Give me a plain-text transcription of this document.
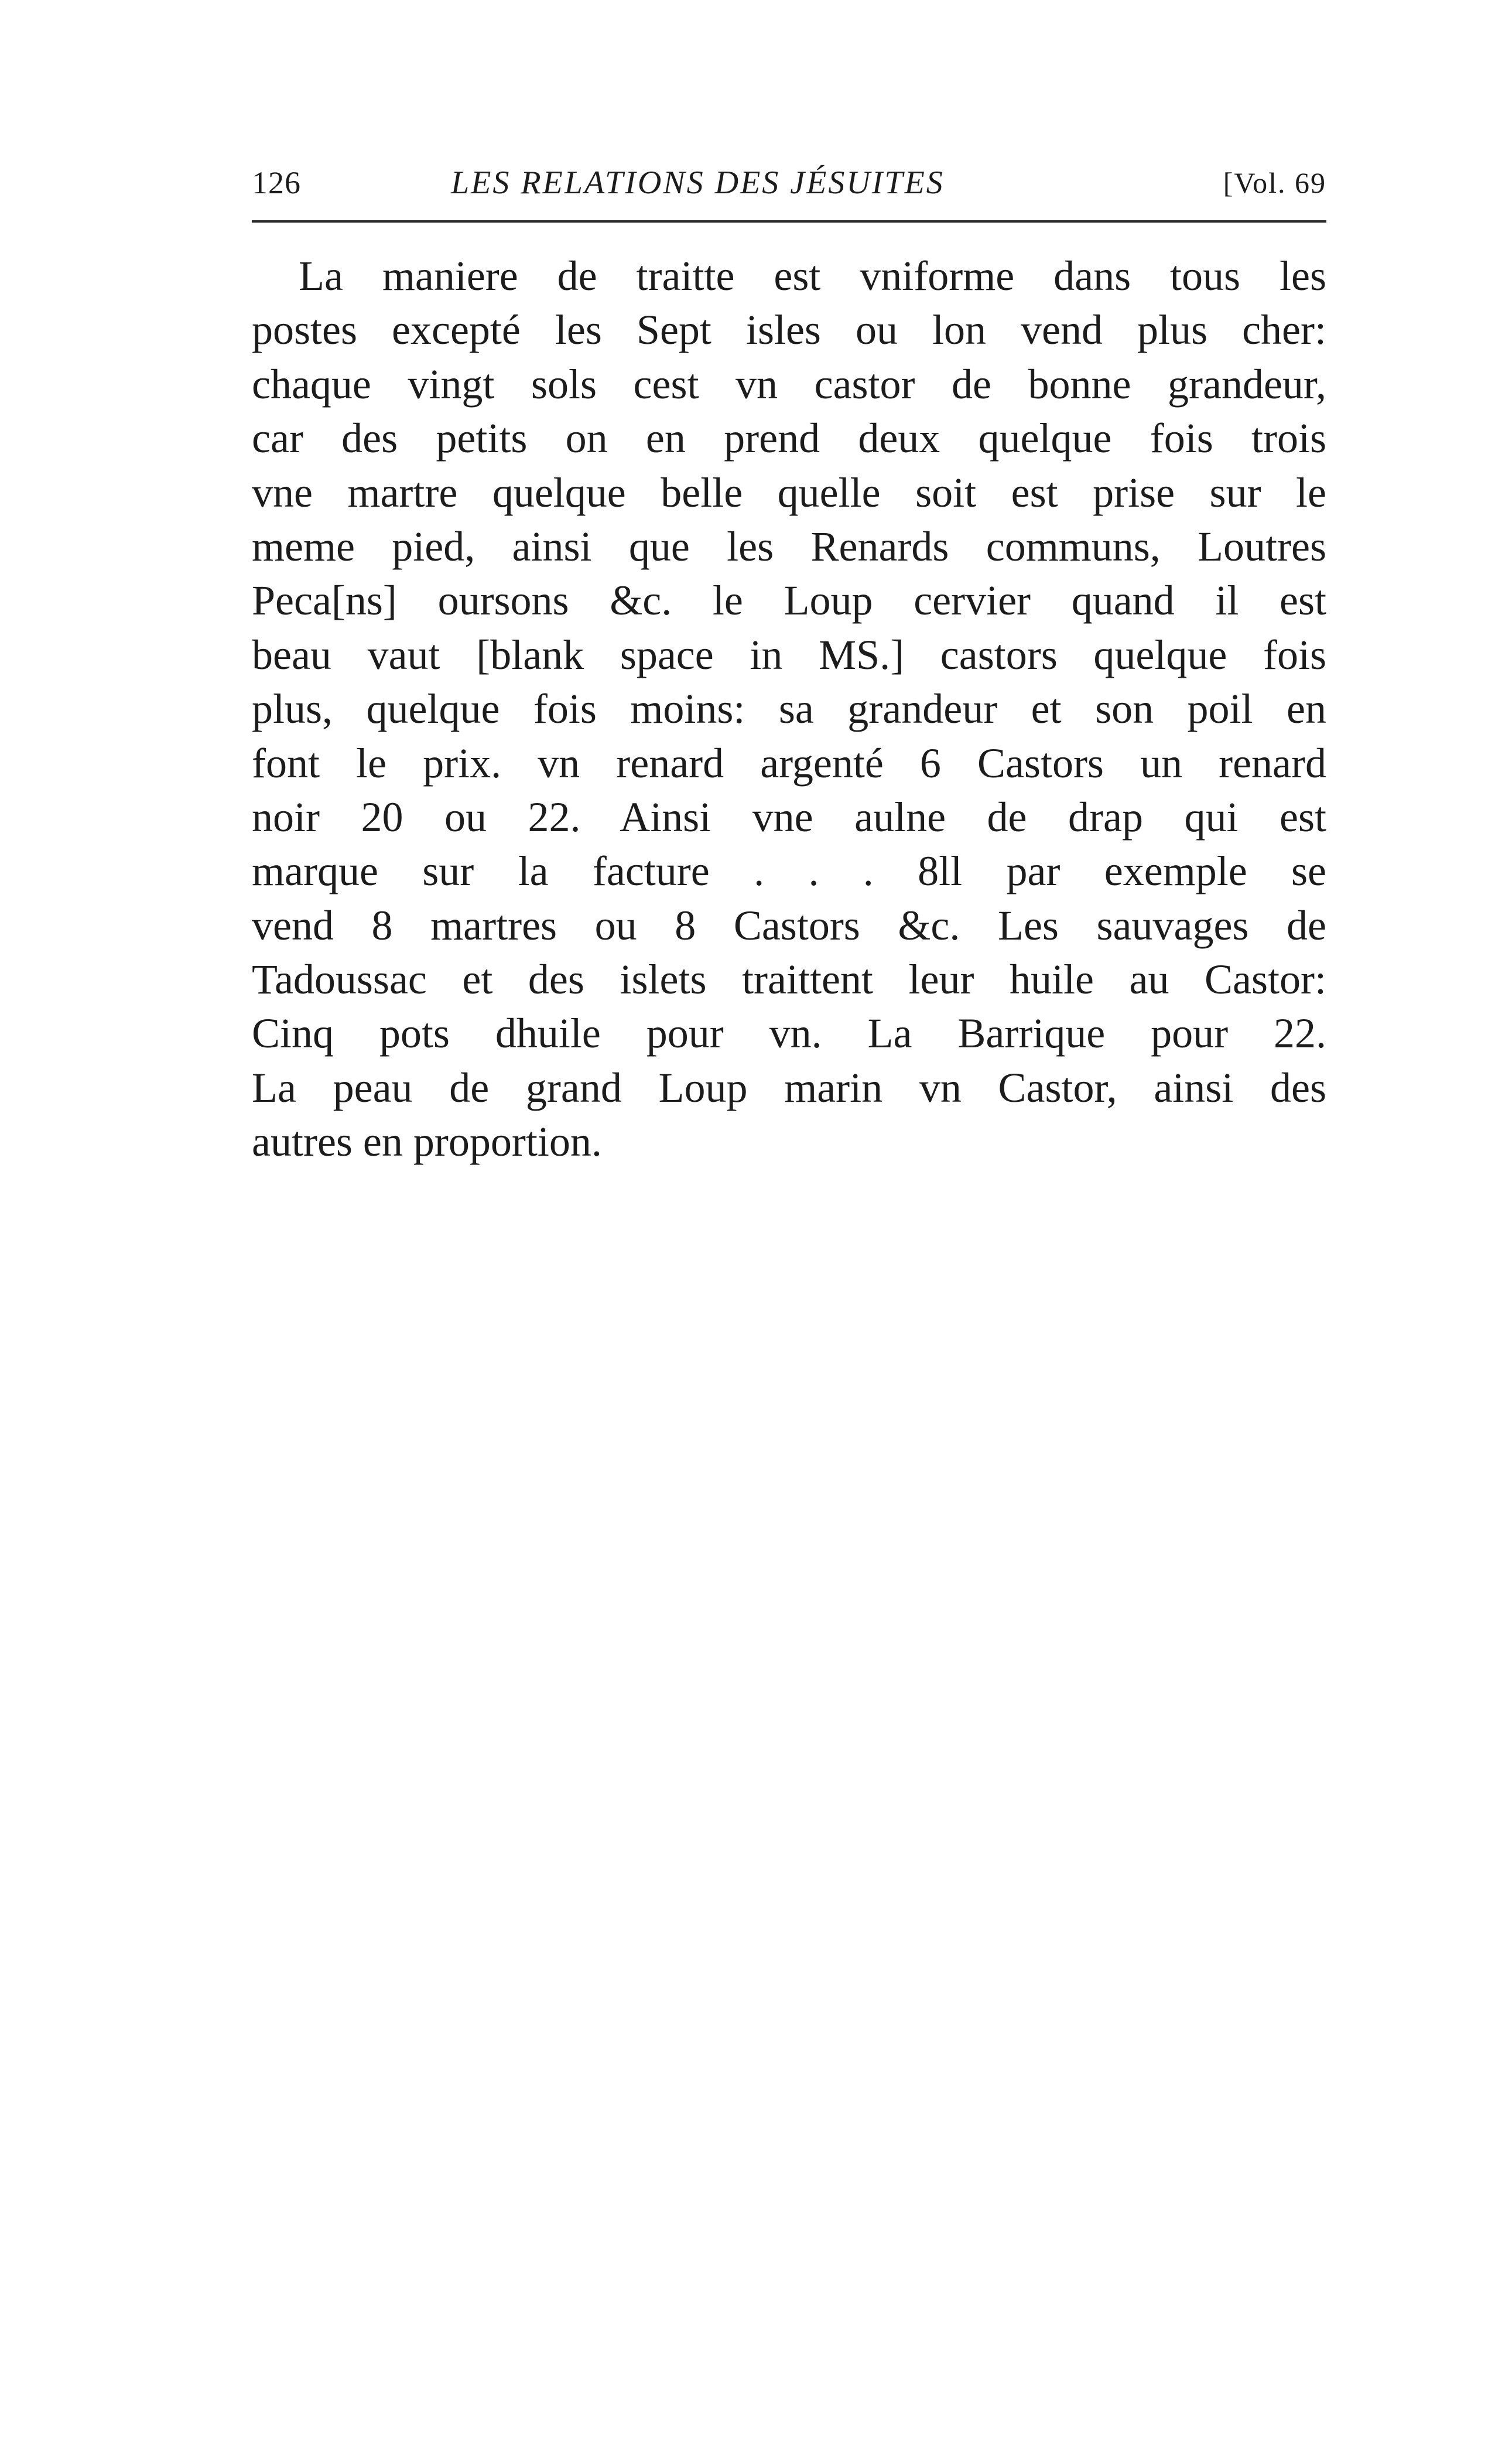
126	LES RELATIONS DES JÉSUITES	[Vol. 69
La maniere de traitte est vniforme dans tous les
postes excepté les Sept isles ou lon vend plus cher:
chaque vingt sols cest vn castor de bonne grandeur,
car des petits on en prend deux quelque fois trois
vne martre quelque belle quelle soit est prise sur le
meme pied, ainsi que les Renards communs, Loutres
Peca[ns] oursons &c. le Loup cervier quand il est
beau vaut [blank space in MS.] castors quelque fois
plus, quelque fois moins: sa grandeur et son poil en
font le prix. vn renard argenté 6 Castors un renard
noir 20 ou 22. Ainsi vne aulne de drap qui est
marque sur la facture . . . 8ll par exemple se
vend 8 martres ou 8 Castors &c. Les sauvages de
Tadoussac et des islets traittent leur huile au Castor:
Cinq pots dhuile pour vn. La Barrique pour 22.
La peau de grand Loup marin vn Castor, ainsi des
autres en proportion.
